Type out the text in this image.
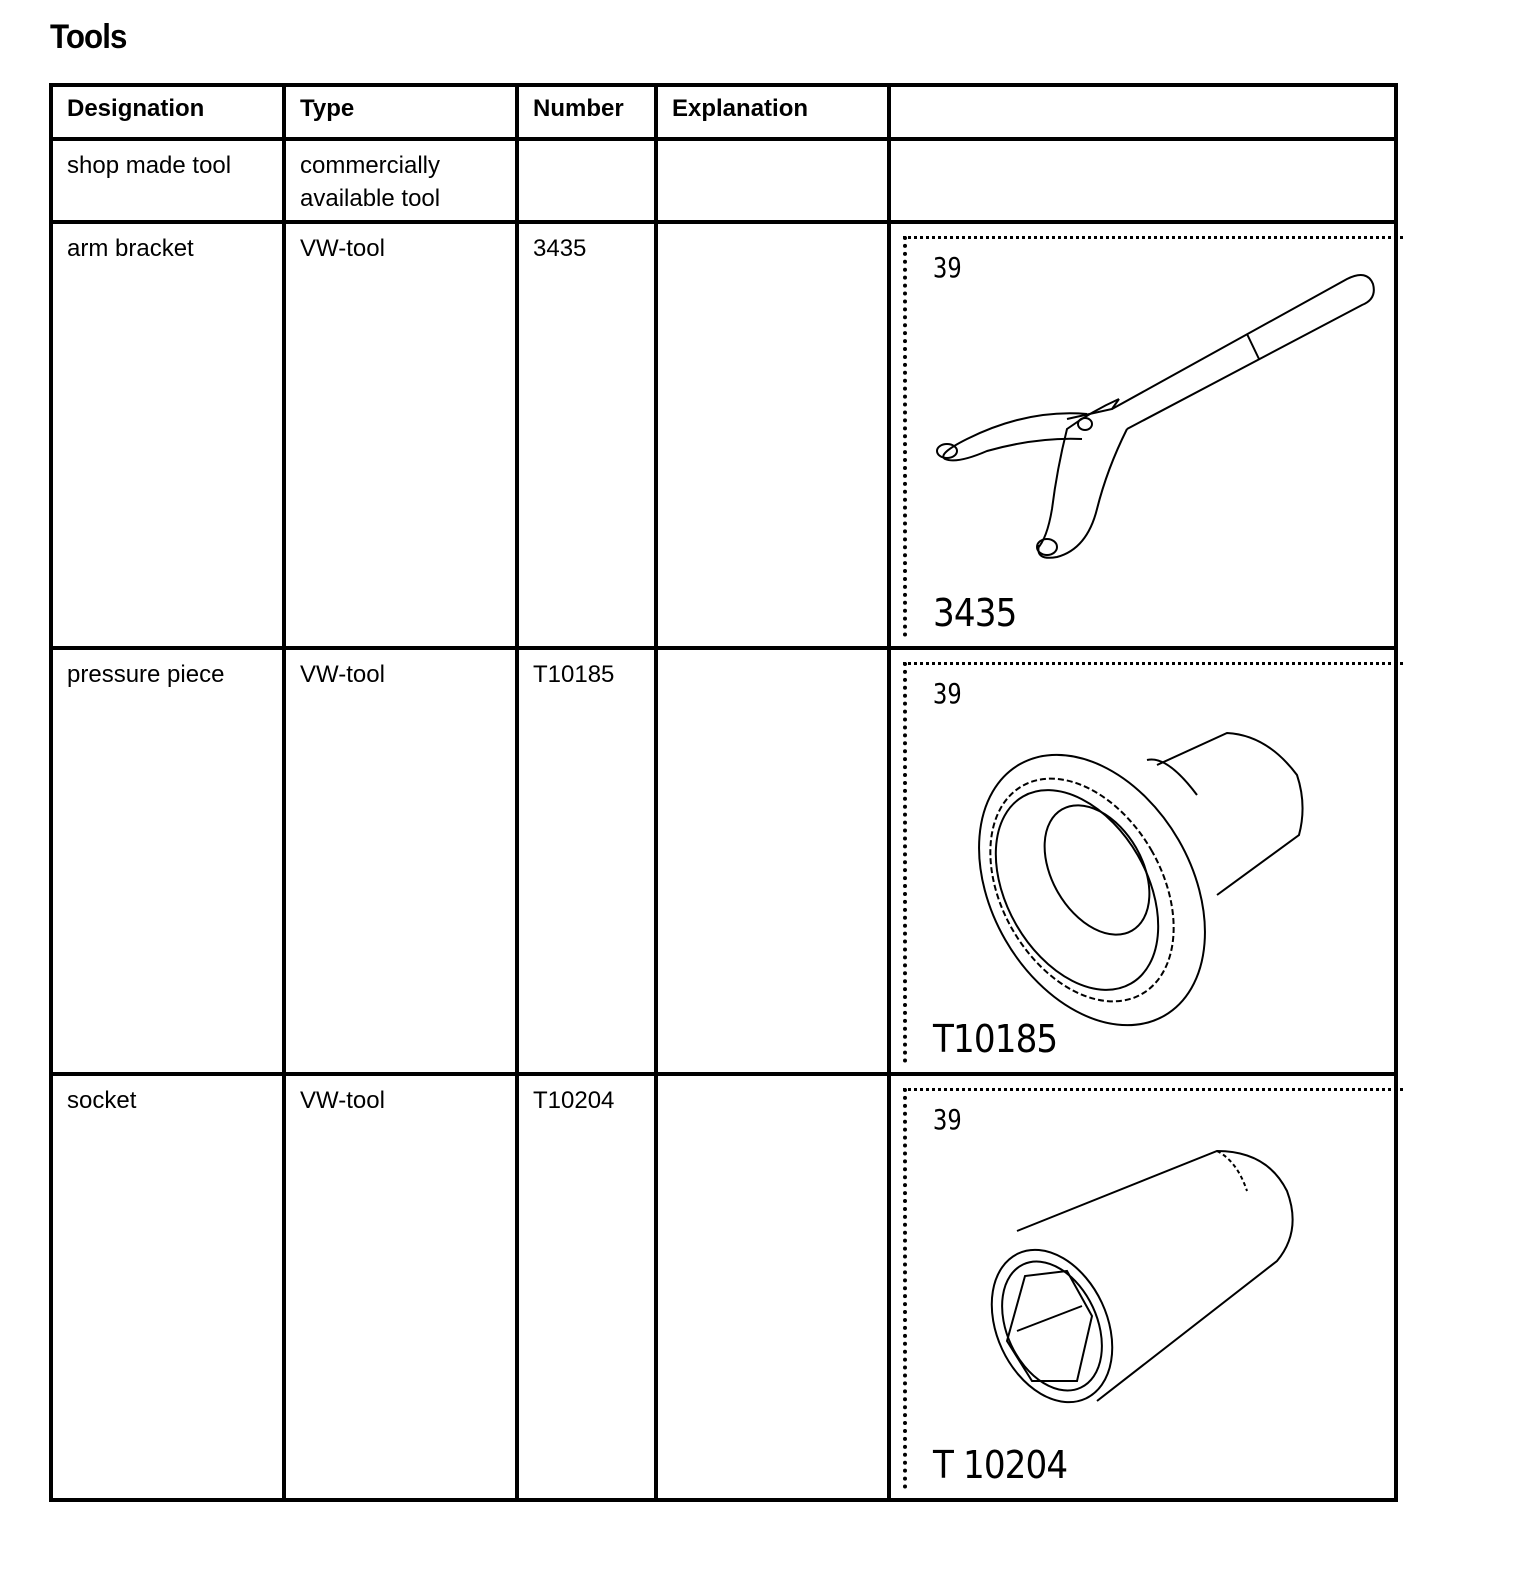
Tools
Designation	Type	Number	Explanation	
shop made tool	commercially available tool			
arm bracket	VW-tool	3435		39
3435

pressure piece	VW-tool	T10185		39
T10185

socket	VW-tool	T10204		39
T 10204
